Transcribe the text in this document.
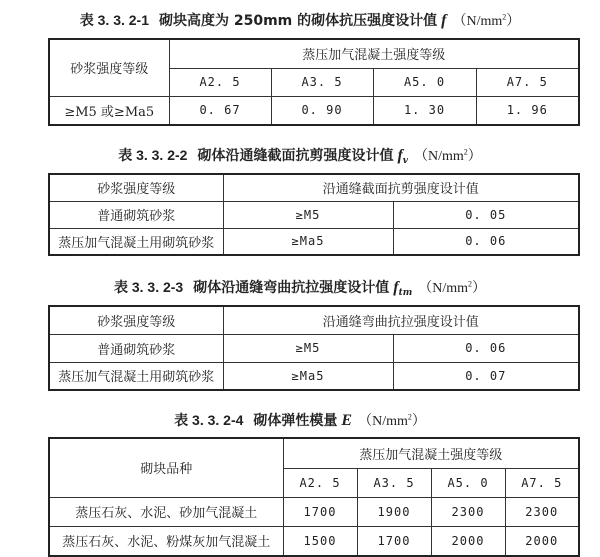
表 3. 3. 2-1 砌块高度为 250mm 的砌体抗压强度设计值 f $(N/mm^2)$
砂浆强度等级	蒸压加气混凝土强度等级			
	A2. 5	A3. 5	A5. 0	A7. 5
≥M5 或≥Ma5	0. 67	0. 90	1. 30	1. 96
表 3. 3. 2-2 砌体沿通缝截面抗剪强度设计值 $f_v$ $(N/mm^2)$
砂浆强度等级	沿通缝截面抗剪强度设计值	
普通砌筑砂浆	≥M5	0. 05
蒸压加气混凝土用砌筑砂浆	≥Ma5	0. 06
表 3. 3. 2-3 砌体沿通缝弯曲抗拉强度设计值 $f_{tm}$ $(N/mm^2)$
砂浆强度等级	沿通缝弯曲抗拉强度设计值	
普通砌筑砂浆	≥M5	0. 06
蒸压加气混凝土用砌筑砂浆	≥Ma5	0. 07
表 3. 3. 2-4 砌体弹性模量 E $(N/mm^2)$
砌块品种	蒸压加气混凝土强度等级			
	A2. 5	A3. 5	A5. 0	A7. 5
蒸压石灰、水泥、砂加气混凝土	1700	1900	2300	2300
蒸压石灰、水泥、粉煤灰加气混凝土	1500	1700	2000	2000
